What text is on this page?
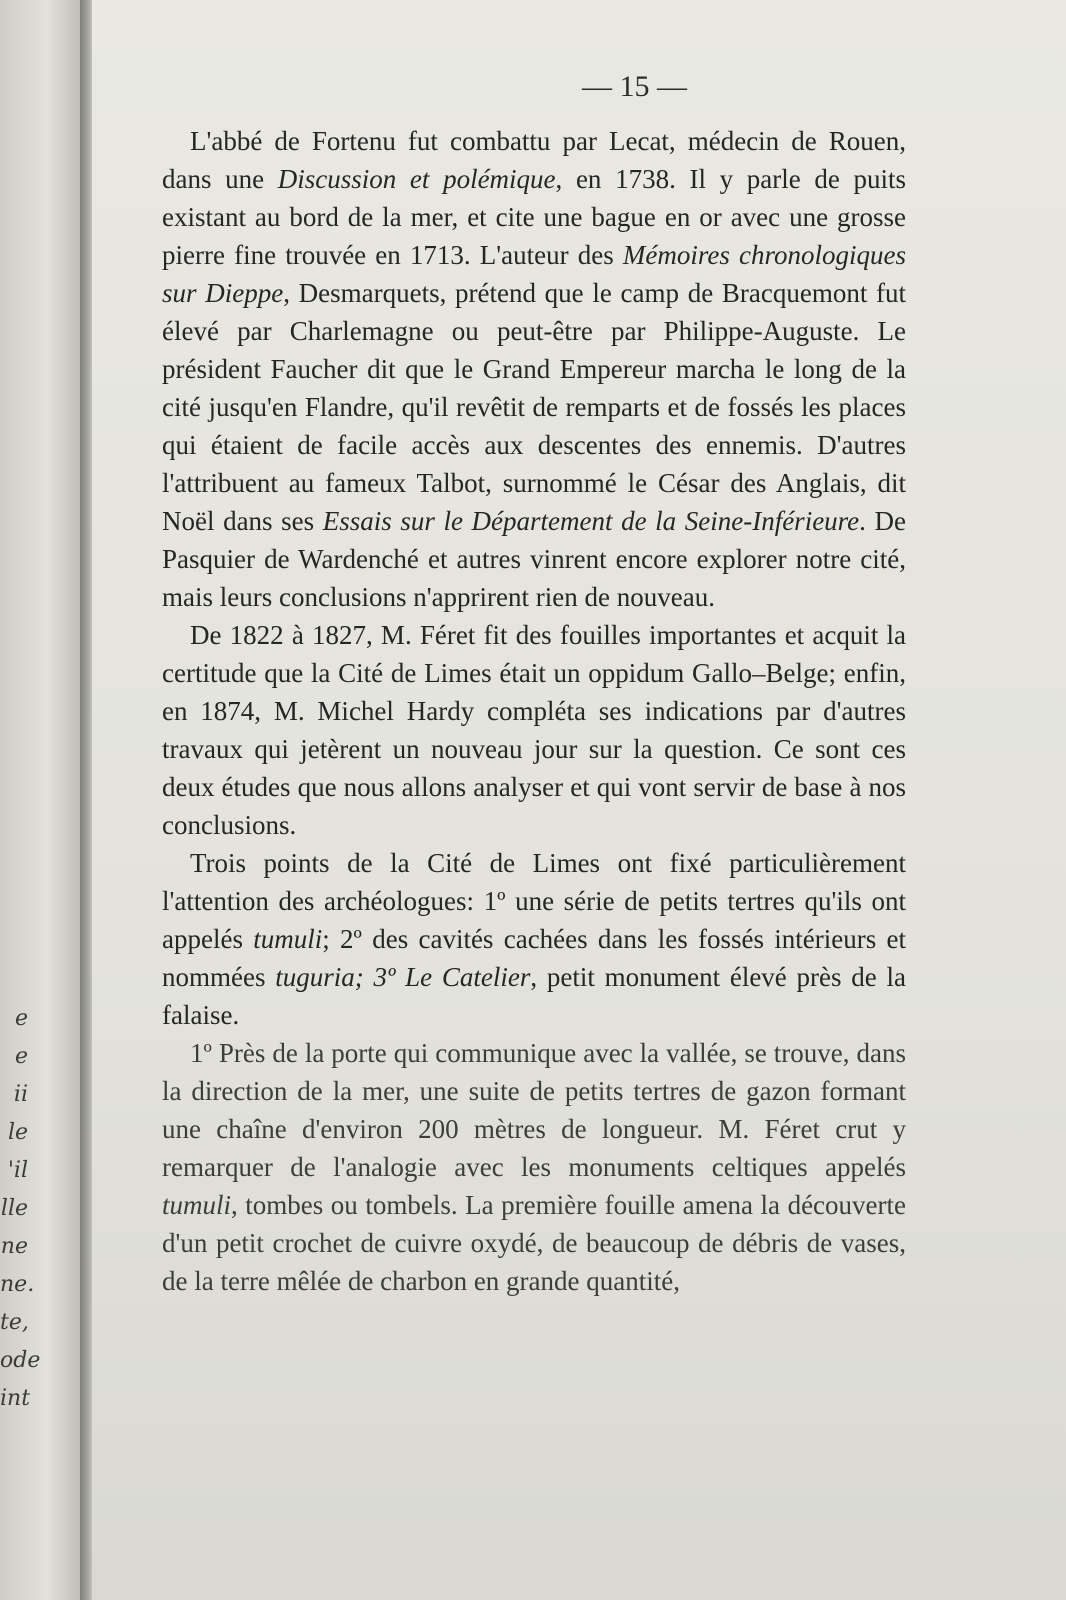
e
e
ii
le
'il
lle
ne
ne.
te,
ode
int
— 15 —

L'abbé de Fortenu fut combattu par Lecat, médecin de Rouen, dans une Discussion et polémique, en 1738. Il y parle de puits existant au bord de la mer, et cite une bague en or avec une grosse pierre fine trouvée en 1713. L'auteur des Mémoires chronologiques sur Dieppe, Desmarquets, prétend que le camp de Bracquemont fut élevé par Charlemagne ou peut-être par Philippe-Auguste. Le président Faucher dit que le Grand Empereur marcha le long de la cité jusqu'en Flandre, qu'il revêtit de remparts et de fossés les places qui étaient de facile accès aux descentes des ennemis. D'autres l'attribuent au fameux Talbot, surnommé le César des Anglais, dit Noël dans ses Essais sur le Département de la Seine-Inférieure. De Pasquier de Wardenché et autres vinrent encore explorer notre cité, mais leurs conclusions n'apprirent rien de nouveau.

De 1822 à 1827, M. Féret fit des fouilles importantes et acquit la certitude que la Cité de Limes était un oppidum Gallo–Belge; enfin, en 1874, M. Michel Hardy compléta ses indications par d'autres travaux qui jetèrent un nouveau jour sur la question. Ce sont ces deux études que nous allons analyser et qui vont servir de base à nos conclusions.

Trois points de la Cité de Limes ont fixé particulièrement l'attention des archéologues: 1º une série de petits tertres qu'ils ont appelés tumuli; 2º des cavités cachées dans les fossés intérieurs et nommées tuguria; 3º Le Catelier, petit monument élevé près de la falaise.

1º Près de la porte qui communique avec la vallée, se trouve, dans la direction de la mer, une suite de petits tertres de gazon formant une chaîne d'environ 200 mètres de longueur. M. Féret crut y remarquer de l'analogie avec les monuments celtiques appelés tumuli, tombes ou tombels. La première fouille amena la découverte d'un petit crochet de cuivre oxydé, de beaucoup de débris de vases, de la terre mêlée de charbon en grande quantité,
